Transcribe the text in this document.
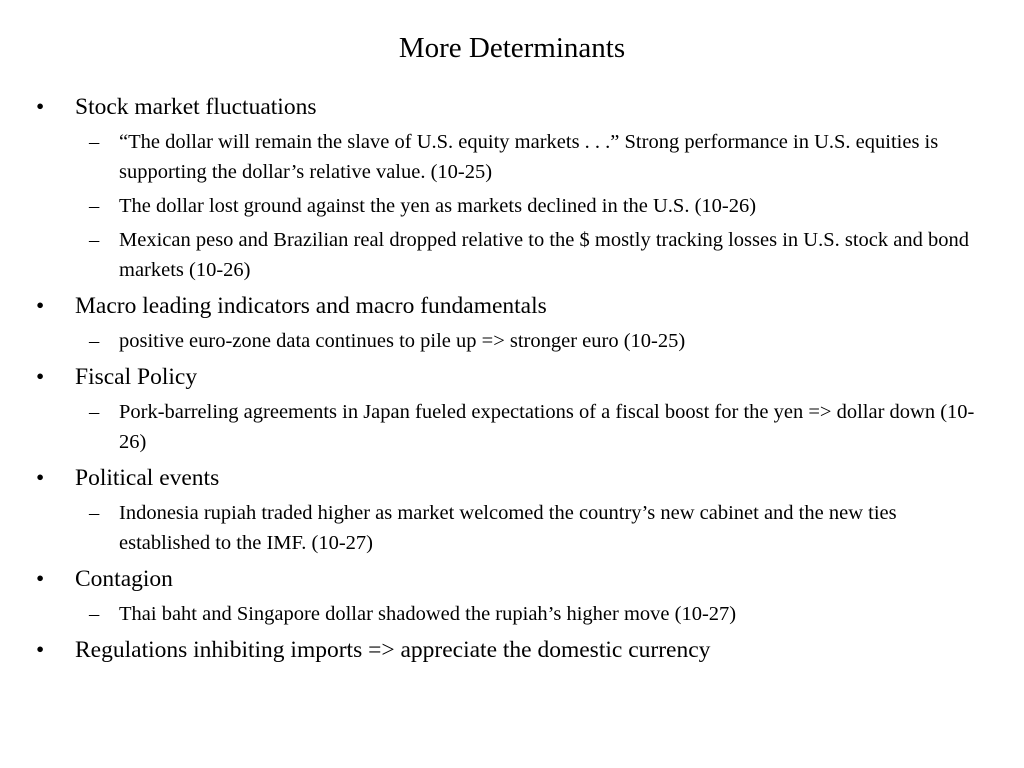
More Determinants
• Stock market fluctuations
– “The dollar will remain the slave of U.S. equity markets . . .” Strong performance in U.S. equities is supporting the dollar’s relative value. (10-25)
– The dollar lost ground against the yen as markets declined in the U.S. (10-26)
– Mexican peso and Brazilian real dropped relative to the $ mostly tracking losses in U.S. stock and bond markets (10-26)
• Macro leading indicators and macro fundamentals
– positive euro-zone data continues to pile up => stronger euro (10-25)
• Fiscal Policy
– Pork-barreling agreements in Japan fueled expectations of a fiscal boost for the yen => dollar down (10-26)
• Political events
– Indonesia rupiah traded higher as market welcomed the country’s new cabinet and the new ties established to the IMF. (10-27)
• Contagion
– Thai baht and Singapore dollar shadowed the rupiah’s higher move (10-27)
• Regulations inhibiting imports => appreciate the domestic currency
